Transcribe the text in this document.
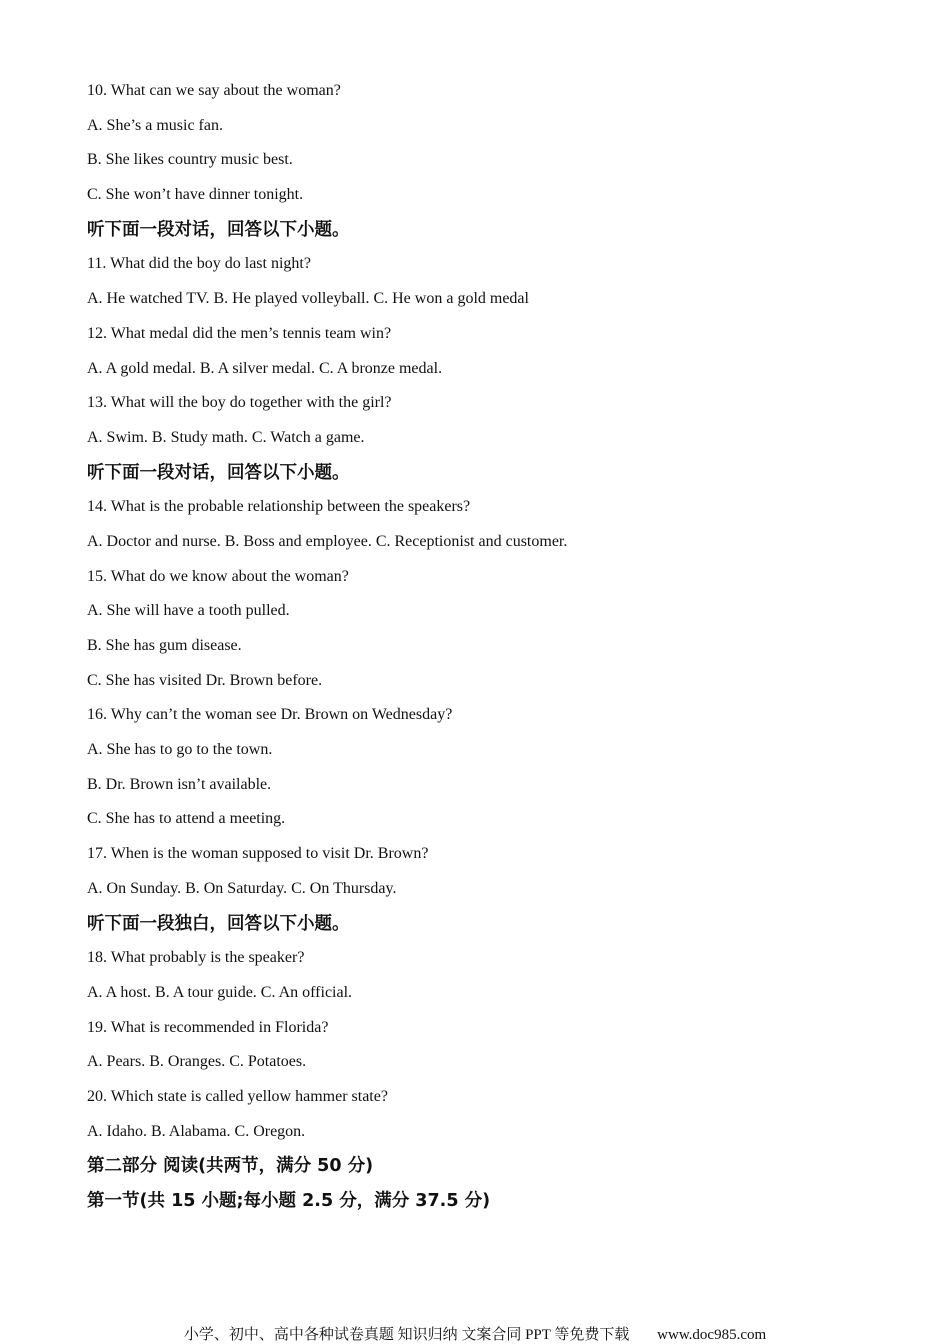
10. What can we say about the woman?
A. She’s a music fan.
B. She likes country music best.
C. She won’t have dinner tonight.
听下面一段对话，回答以下小题。
11. What did the boy do last night?
A. He watched TV. B. He played volleyball. C. He won a gold medal
12. What medal did the men’s tennis team win?
A. A gold medal. B. A silver medal. C. A bronze medal.
13. What will the boy do together with the girl?
A. Swim. B. Study math. C. Watch a game.
听下面一段对话，回答以下小题。
14. What is the probable relationship between the speakers?
A. Doctor and nurse. B. Boss and employee. C. Receptionist and customer.
15. What do we know about the woman?
A. She will have a tooth pulled.
B. She has gum disease.
C. She has visited Dr. Brown before.
16. Why can’t the woman see Dr. Brown on Wednesday?
A. She has to go to the town.
B. Dr. Brown isn’t available.
C. She has to attend a meeting.
17. When is the woman supposed to visit Dr. Brown?
A. On Sunday. B. On Saturday. C. On Thursday.
听下面一段独白，回答以下小题。
18. What probably is the speaker?
A. A host. B. A tour guide. C. An official.
19. What is recommended in Florida?
A. Pears. B. Oranges. C. Potatoes.
20. Which state is called yellow hammer state?
A. Idaho. B. Alabama. C. Oregon.
第二部分 阅读(共两节，满分 50 分)
第一节(共 15 小题;每小题 2.5 分，满分 37.5 分)
小学、初中、高中各种试卷真题 知识归纳 文案合同 PPT 等免费下载 www.doc985.com
